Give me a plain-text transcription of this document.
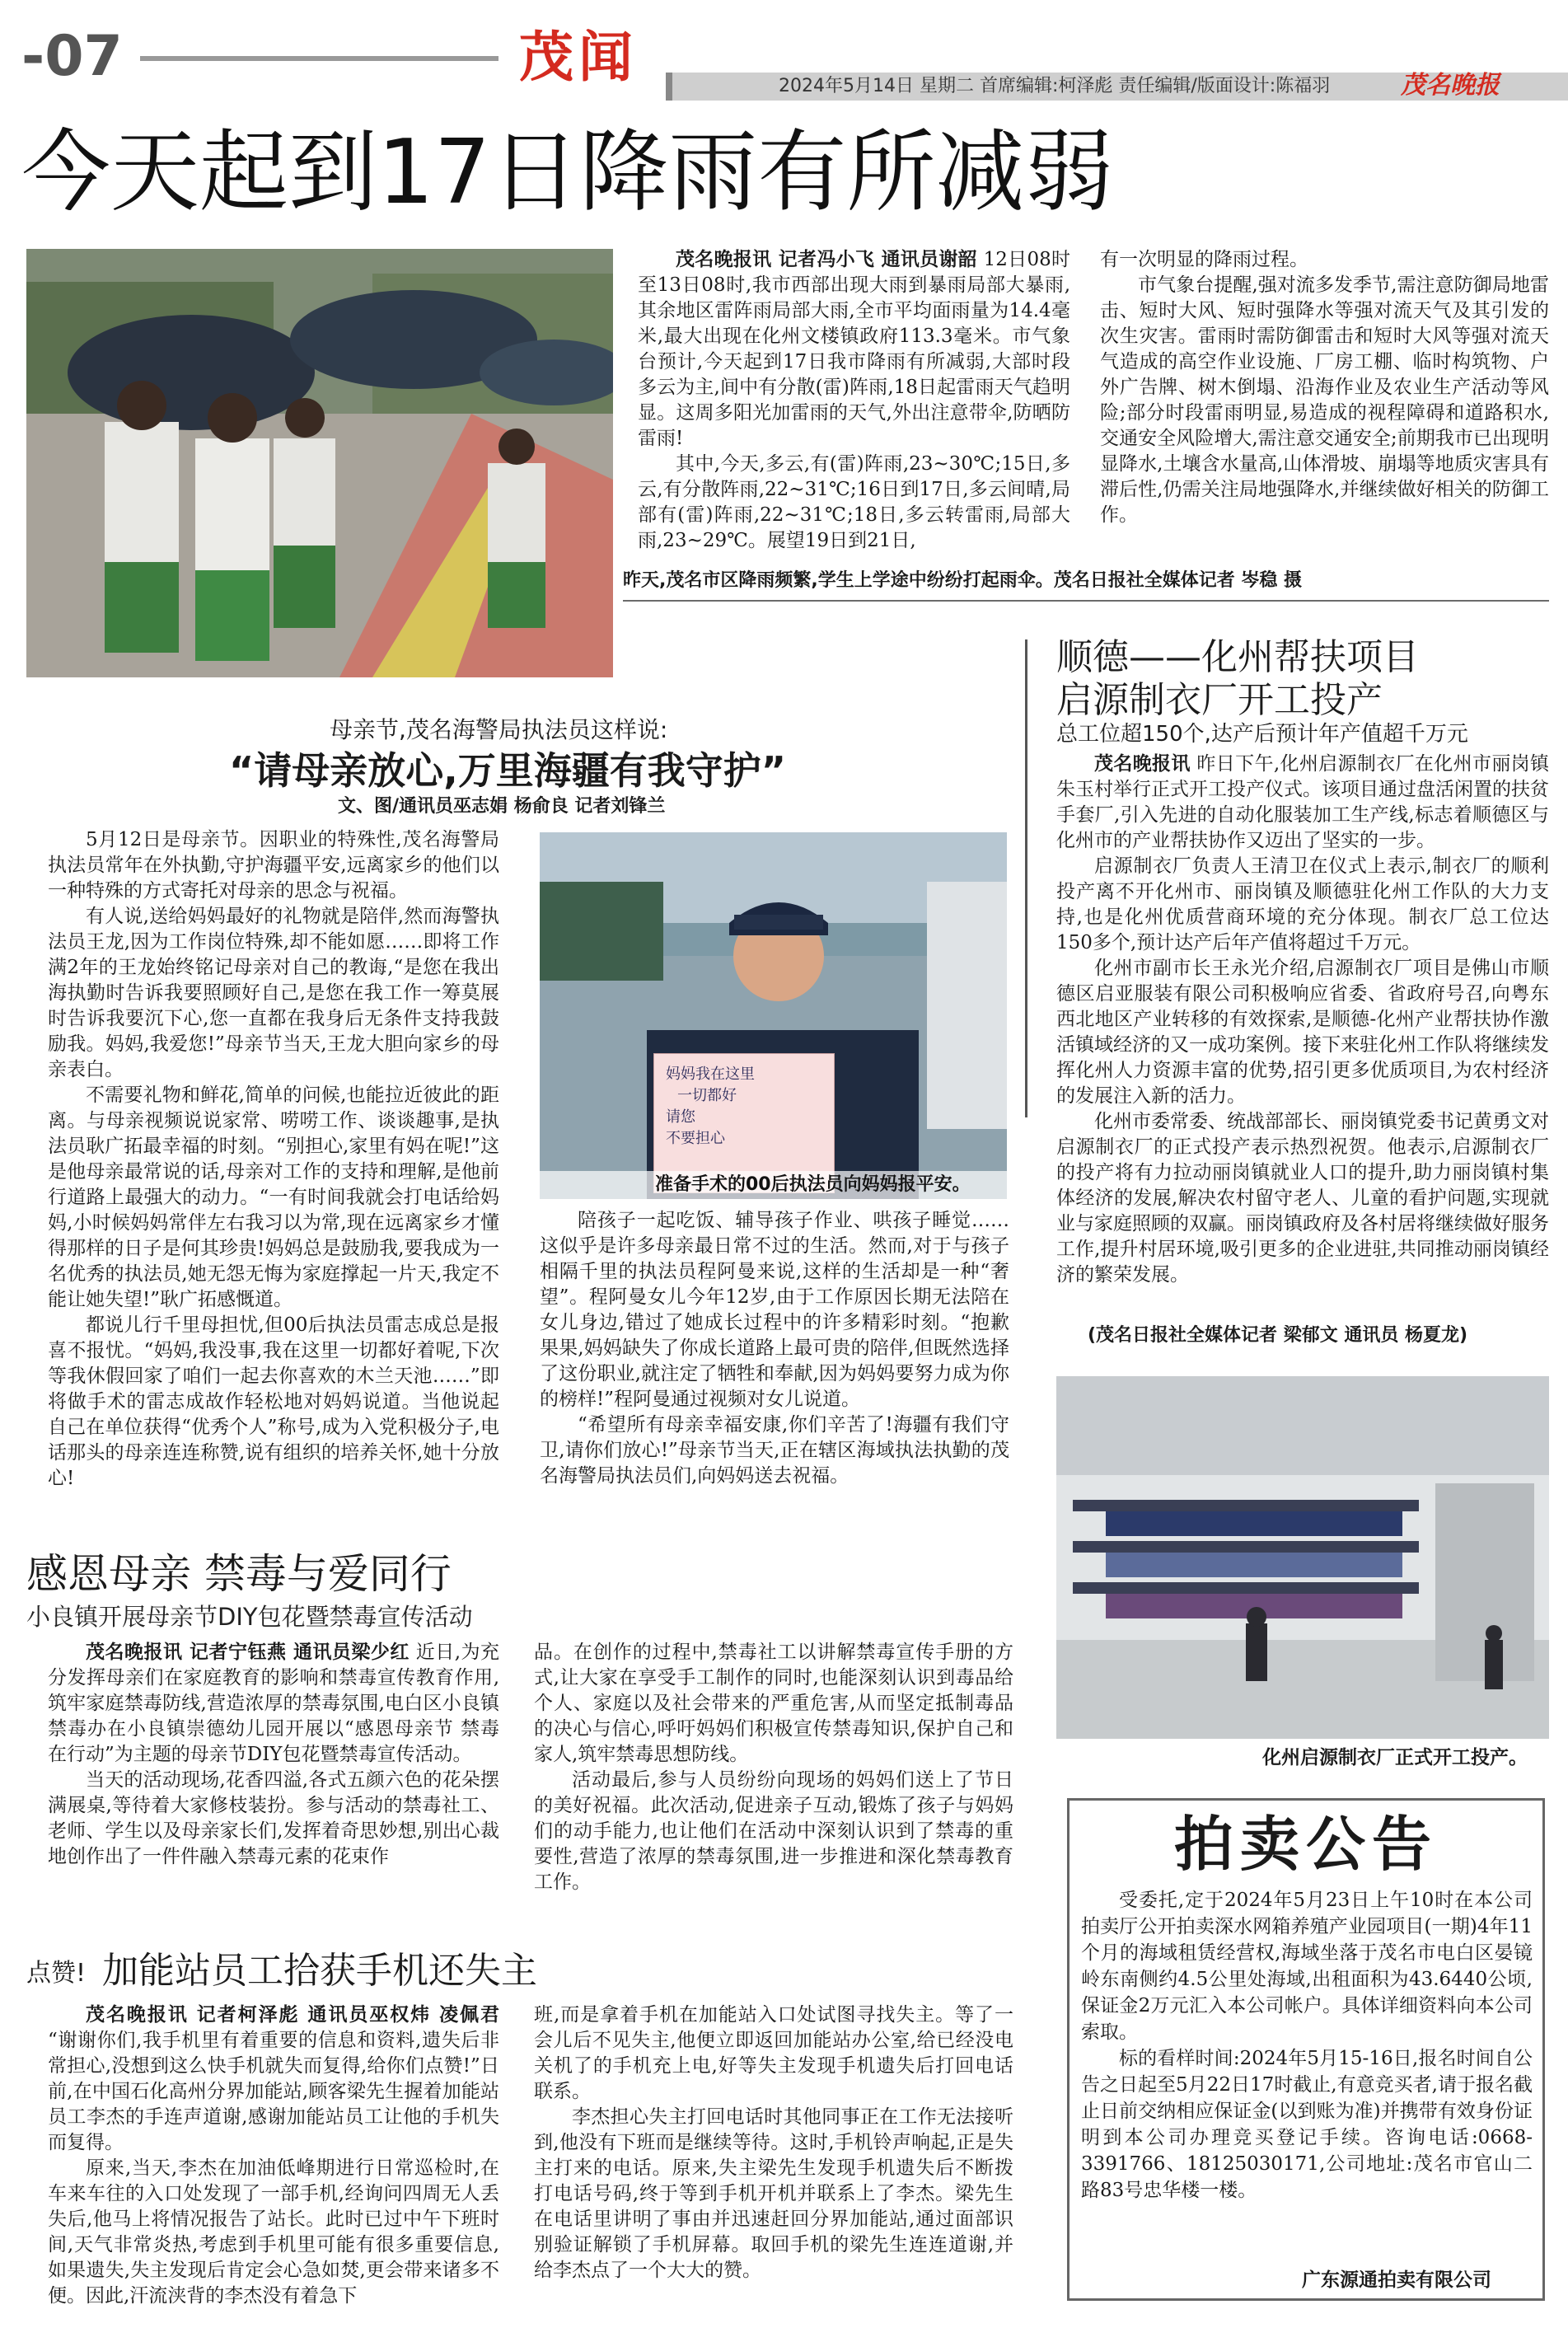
-07	茂闻	2024年5月14日 星期二 首席编辑:柯泽彪 责任编辑/版面设计:陈福羽	茂名晚报
今天起到17日降雨有所减弱

茂名晚报讯 记者冯小飞 通讯员谢韶 12日08时至13日08时,我市西部出现大雨到暴雨局部大暴雨,其余地区雷阵雨局部大雨,全市平均面雨量为14.4毫米,最大出现在化州文楼镇政府113.3毫米。市气象台预计,今天起到17日我市降雨有所减弱,大部时段多云为主,间中有分散(雷)阵雨,18日起雷雨天气趋明显。这周多阳光加雷雨的天气,外出注意带伞,防晒防雷雨!

其中,今天,多云,有(雷)阵雨,23~30℃;15日,多云,有分散阵雨,22~31℃;16日到17日,多云间晴,局部有(雷)阵雨,22~31℃;18日,多云转雷雨,局部大雨,23~29℃。展望19日到21日,

有一次明显的降雨过程。

市气象台提醒,强对流多发季节,需注意防御局地雷击、短时大风、短时强降水等强对流天气及其引发的次生灾害。雷雨时需防御雷击和短时大风等强对流天气造成的高空作业设施、厂房工棚、临时构筑物、户外广告牌、树木倒塌、沿海作业及农业生产活动等风险;部分时段雷雨明显,易造成的视程障碍和道路积水,交通安全风险增大,需注意交通安全;前期我市已出现明显降水,土壤含水量高,山体滑坡、崩塌等地质灾害具有滞后性,仍需关注局地强降水,并继续做好相关的防御工作。

昨天,茂名市区降雨频繁,学生上学途中纷纷打起雨伞。茂名日报社全媒体记者 岑稳 摄
母亲节,茂名海警局执法员这样说:
“请母亲放心,万里海疆有我守护”
文、图/通讯员巫志娟 杨俞良 记者刘锋兰

5月12日是母亲节。因职业的特殊性,茂名海警局执法员常年在外执勤,守护海疆平安,远离家乡的他们以一种特殊的方式寄托对母亲的思念与祝福。

有人说,送给妈妈最好的礼物就是陪伴,然而海警执法员王龙,因为工作岗位特殊,却不能如愿……即将工作满2年的王龙始终铭记母亲对自己的教诲,“是您在我出海执勤时告诉我要照顾好自己,是您在我工作一筹莫展时告诉我要沉下心,您一直都在我身后无条件支持我鼓励我。妈妈,我爱您!”母亲节当天,王龙大胆向家乡的母亲表白。

不需要礼物和鲜花,简单的问候,也能拉近彼此的距离。与母亲视频说说家常、唠唠工作、谈谈趣事,是执法员耿广拓最幸福的时刻。“别担心,家里有妈在呢!”这是他母亲最常说的话,母亲对工作的支持和理解,是他前行道路上最强大的动力。“一有时间我就会打电话给妈妈,小时候妈妈常伴左右我习以为常,现在远离家乡才懂得那样的日子是何其珍贵!妈妈总是鼓励我,要我成为一名优秀的执法员,她无怨无悔为家庭撑起一片天,我定不能让她失望!”耿广拓感慨道。

都说儿行千里母担忧,但00后执法员雷志成总是报喜不报忧。“妈妈,我没事,我在这里一切都好着呢,下次等我休假回家了咱们一起去你喜欢的木兰天池……”即将做手术的雷志成故作轻松地对妈妈说道。当他说起自己在单位获得“优秀个人”称号,成为入党积极分子,电话那头的母亲连连称赞,说有组织的培养关怀,她十分放心!

妈妈我在这里
一切都好
请您
不要担心
准备手术的00后执法员向妈妈报平安。

陪孩子一起吃饭、辅导孩子作业、哄孩子睡觉……这似乎是许多母亲最日常不过的生活。然而,对于与孩子相隔千里的执法员程阿曼来说,这样的生活却是一种“奢望”。程阿曼女儿今年12岁,由于工作原因长期无法陪在女儿身边,错过了她成长过程中的许多精彩时刻。“抱歉果果,妈妈缺失了你成长道路上最可贵的陪伴,但既然选择了这份职业,就注定了牺牲和奉献,因为妈妈要努力成为你的榜样!”程阿曼通过视频对女儿说道。

“希望所有母亲幸福安康,你们辛苦了!海疆有我们守卫,请你们放心!”母亲节当天,正在辖区海域执法执勤的茂名海警局执法员们,向妈妈送去祝福。

顺德——化州帮扶项目
启源制衣厂开工投产
总工位超150个,达产后预计年产值超千万元

茂名晚报讯 昨日下午,化州启源制衣厂在化州市丽岗镇朱玉村举行正式开工投产仪式。该项目通过盘活闲置的扶贫手套厂,引入先进的自动化服装加工生产线,标志着顺德区与化州市的产业帮扶协作又迈出了坚实的一步。

启源制衣厂负责人王清卫在仪式上表示,制衣厂的顺利投产离不开化州市、丽岗镇及顺德驻化州工作队的大力支持,也是化州优质营商环境的充分体现。制衣厂总工位达150多个,预计达产后年产值将超过千万元。

化州市副市长王永光介绍,启源制衣厂项目是佛山市顺德区启亚服装有限公司积极响应省委、省政府号召,向粤东西北地区产业转移的有效探索,是顺德-化州产业帮扶协作激活镇域经济的又一成功案例。接下来驻化州工作队将继续发挥化州人力资源丰富的优势,招引更多优质项目,为农村经济的发展注入新的活力。

化州市委常委、统战部部长、丽岗镇党委书记黄勇文对启源制衣厂的正式投产表示热烈祝贺。他表示,启源制衣厂的投产将有力拉动丽岗镇就业人口的提升,助力丽岗镇村集体经济的发展,解决农村留守老人、儿童的看护问题,实现就业与家庭照顾的双赢。丽岗镇政府及各村居将继续做好服务工作,提升村居环境,吸引更多的企业进驻,共同推动丽岗镇经济的繁荣发展。

(茂名日报社全媒体记者 梁郁文 通讯员 杨夏龙)
化州启源制衣厂正式开工投产。
感恩母亲 禁毒与爱同行
小良镇开展母亲节DIY包花暨禁毒宣传活动

茂名晚报讯 记者宁钰燕 通讯员梁少红 近日,为充分发挥母亲们在家庭教育的影响和禁毒宣传教育作用,筑牢家庭禁毒防线,营造浓厚的禁毒氛围,电白区小良镇禁毒办在小良镇崇德幼儿园开展以“感恩母亲节 禁毒在行动”为主题的母亲节DIY包花暨禁毒宣传活动。

当天的活动现场,花香四溢,各式五颜六色的花朵摆满展桌,等待着大家修枝装扮。参与活动的禁毒社工、老师、学生以及母亲家长们,发挥着奇思妙想,别出心裁地创作出了一件件融入禁毒元素的花束作

品。在创作的过程中,禁毒社工以讲解禁毒宣传手册的方式,让大家在享受手工制作的同时,也能深刻认识到毒品给个人、家庭以及社会带来的严重危害,从而坚定抵制毒品的决心与信心,呼吁妈妈们积极宣传禁毒知识,保护自己和家人,筑牢禁毒思想防线。

活动最后,参与人员纷纷向现场的妈妈们送上了节日的美好祝福。此次活动,促进亲子互动,锻炼了孩子与妈妈们的动手能力,也让他们在活动中深刻认识到了禁毒的重要性,营造了浓厚的禁毒氛围,进一步推进和深化禁毒教育工作。

点赞! 加能站员工拾获手机还失主

茂名晚报讯 记者柯泽彪 通讯员巫权炜 凌佩君 “谢谢你们,我手机里有着重要的信息和资料,遗失后非常担心,没想到这么快手机就失而复得,给你们点赞!”日前,在中国石化高州分界加能站,顾客梁先生握着加能站员工李杰的手连声道谢,感谢加能站员工让他的手机失而复得。

原来,当天,李杰在加油低峰期进行日常巡检时,在车来车往的入口处发现了一部手机,经询问四周无人丢失后,他马上将情况报告了站长。此时已过中午下班时间,天气非常炎热,考虑到手机里可能有很多重要信息,如果遗失,失主发现后肯定会心急如焚,更会带来诸多不便。因此,汗流浃背的李杰没有着急下

班,而是拿着手机在加能站入口处试图寻找失主。等了一会儿后不见失主,他便立即返回加能站办公室,给已经没电关机了的手机充上电,好等失主发现手机遗失后打回电话联系。

李杰担心失主打回电话时其他同事正在工作无法接听到,他没有下班而是继续等待。这时,手机铃声响起,正是失主打来的电话。原来,失主梁先生发现手机遗失后不断拨打电话号码,终于等到手机开机并联系上了李杰。梁先生在电话里讲明了事由并迅速赶回分界加能站,通过面部识别验证解锁了手机屏幕。取回手机的梁先生连连道谢,并给李杰点了一个大大的赞。

拍卖公告

受委托,定于2024年5月23日上午10时在本公司拍卖厅公开拍卖深水网箱养殖产业园项目(一期)4年11个月的海域租赁经营权,海域坐落于茂名市电白区晏镜岭东南侧约4.5公里处海域,出租面积为43.6440公顷,保证金2万元汇入本公司帐户。具体详细资料向本公司索取。

标的看样时间:2024年5月15-16日,报名时间自公告之日起至5月22日17时截止,有意竞买者,请于报名截止日前交纳相应保证金(以到账为准)并携带有效身份证明到本公司办理竞买登记手续。咨询电话:0668-3391766、18125030171,公司地址:茂名市官山二路83号忠华楼一楼。

广东源通拍卖有限公司
